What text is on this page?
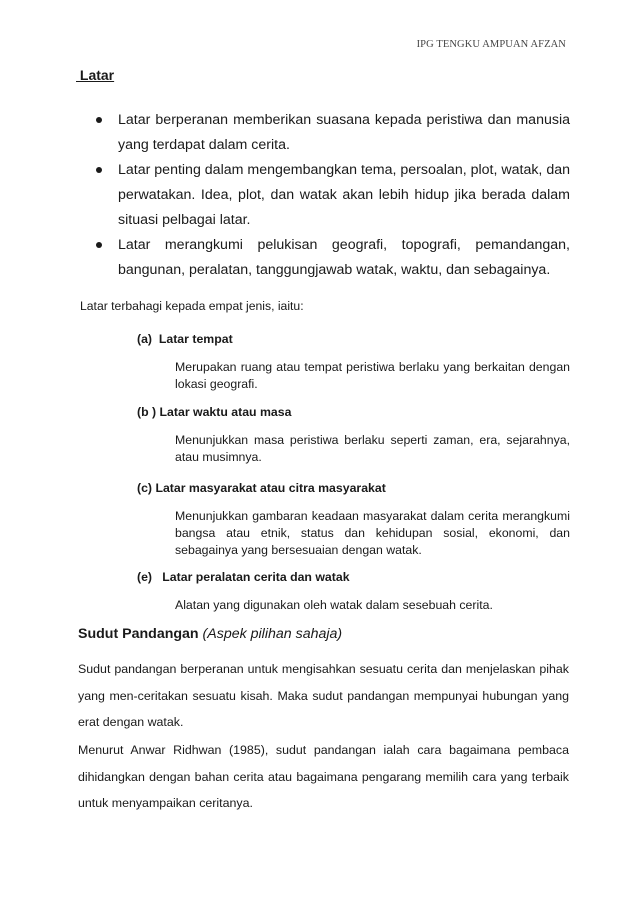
IPG TENGKU AMPUAN AFZAN
Latar
Latar berperanan memberikan suasana kepada peristiwa dan manusia yang terdapat dalam cerita.
Latar penting dalam mengembangkan tema, persoalan, plot, watak, dan perwatakan. Idea, plot, dan watak akan lebih hidup jika berada dalam situasi pelbagai latar.
Latar merangkumi pelukisan geografi, topografi, pemandangan, bangunan, peralatan, tanggungjawab watak, waktu, dan sebagainya.
Latar terbahagi kepada empat jenis, iaitu:
(a)  Latar tempat
Merupakan ruang atau tempat peristiwa berlaku yang berkaitan dengan lokasi geografi.
(b ) Latar waktu atau masa
Menunjukkan masa peristiwa berlaku seperti zaman, era, sejarahnya, atau musimnya.
(c) Latar masyarakat atau citra masyarakat
Menunjukkan gambaran keadaan masyarakat dalam cerita merangkumi bangsa atau etnik, status dan kehidupan sosial, ekonomi, dan sebagainya yang bersesuaian dengan watak.
(e)   Latar peralatan cerita dan watak
Alatan yang digunakan oleh watak dalam sesebuah cerita.
Sudut Pandangan (Aspek pilihan sahaja)

Sudut pandangan berperanan untuk mengisahkan sesuatu cerita dan menjelaskan pihak yang men-ceritakan sesuatu kisah. Maka sudut pandangan mempunyai hubungan yang erat dengan watak.

Menurut Anwar Ridhwan (1985), sudut pandangan ialah cara bagaimana pembaca dihidangkan dengan bahan cerita atau bagaimana pengarang memilih cara yang terbaik untuk menyampaikan ceritanya.
